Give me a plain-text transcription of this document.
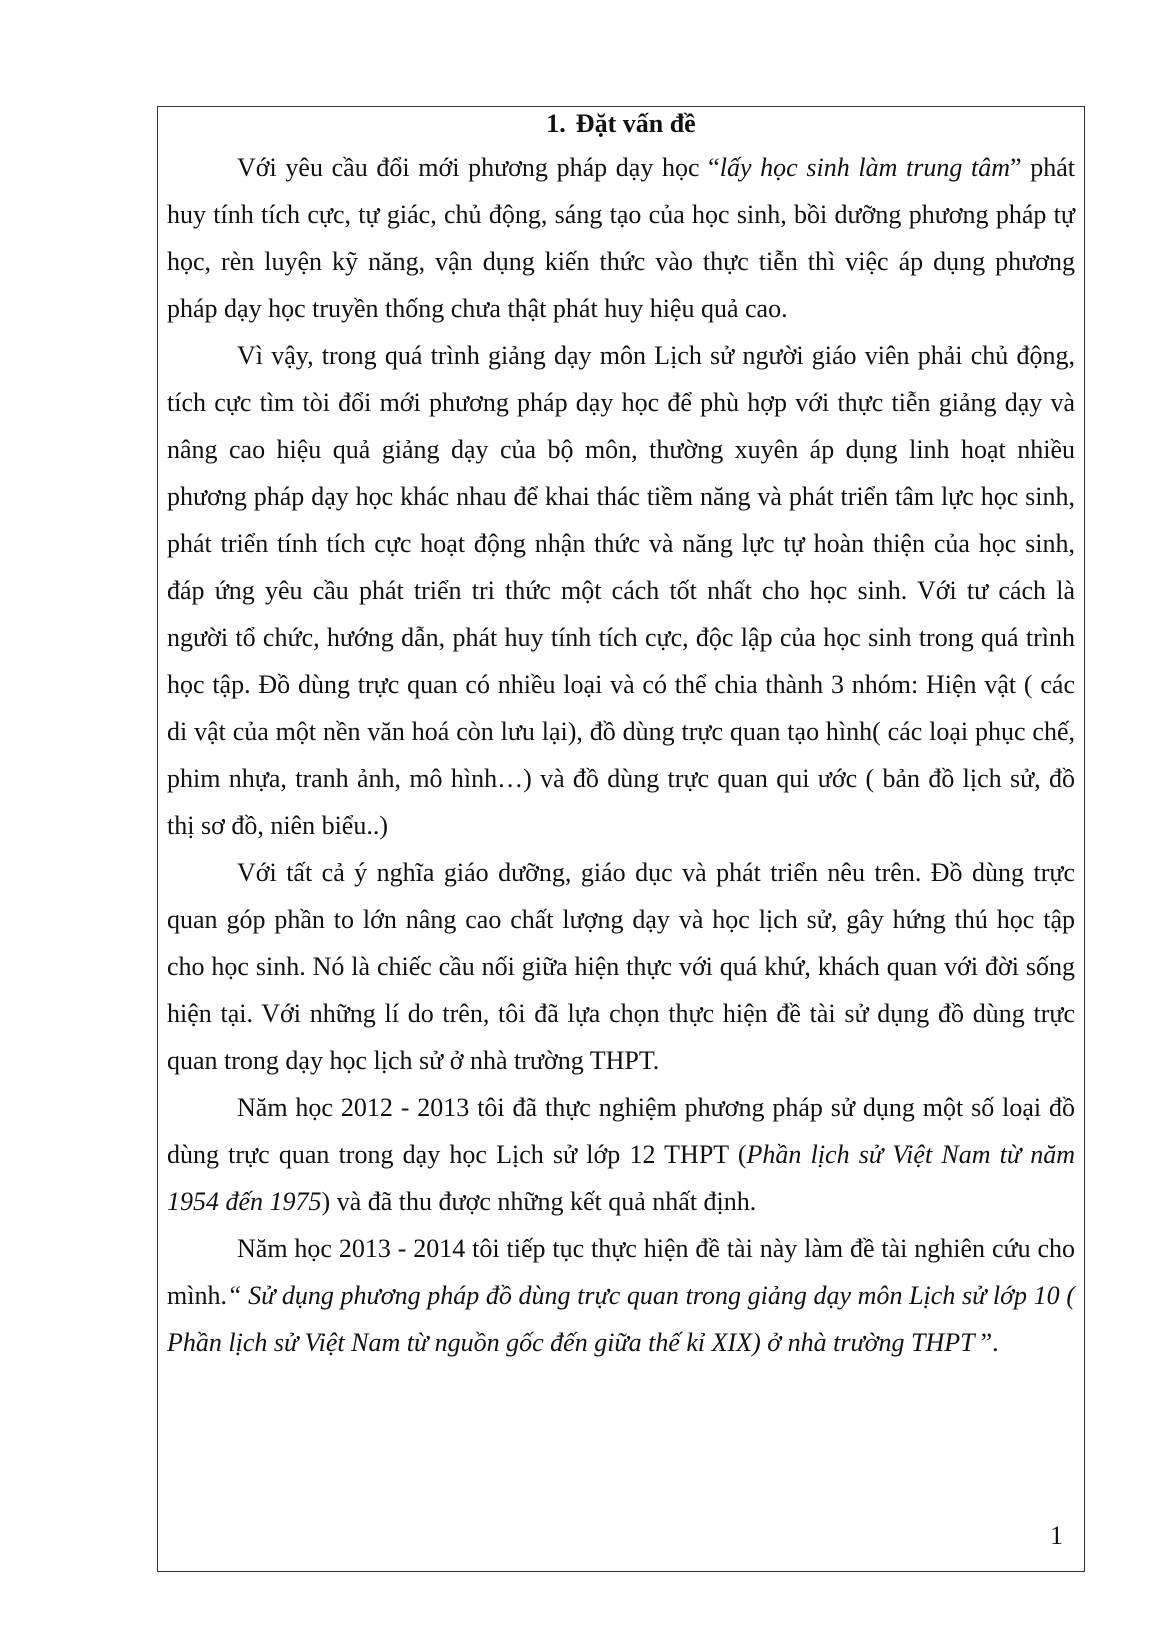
1. Đặt vấn đề

Với yêu cầu đổi mới phương pháp dạy học “lấy học sinh làm trung tâm” phát huy tính tích cực, tự giác, chủ động, sáng tạo của học sinh, bồi dưỡng phương pháp tự học, rèn luyện kỹ năng, vận dụng kiến thức vào thực tiễn thì việc áp dụng phương pháp dạy học truyền thống chưa thật phát huy hiệu quả cao.

Vì vậy, trong quá trình giảng dạy môn Lịch sử người giáo viên phải chủ động, tích cực tìm tòi đổi mới phương pháp dạy học để phù hợp với thực tiễn giảng dạy và nâng cao hiệu quả giảng dạy của bộ môn, thường xuyên áp dụng linh hoạt nhiều phương pháp dạy học khác nhau để khai thác tiềm năng và phát triển tâm lực học sinh, phát triển tính tích cực hoạt động nhận thức và năng lực tự hoàn thiện của học sinh, đáp ứng yêu cầu phát triển tri thức một cách tốt nhất cho học sinh. Với tư cách là người tổ chức, hướng dẫn, phát huy tính tích cực, độc lập của học sinh trong quá trình học tập. Đồ dùng trực quan có nhiều loại và có thể chia thành 3 nhóm: Hiện vật ( các di vật của một nền văn hoá còn lưu lại), đồ dùng trực quan tạo hình( các loại phục chế, phim nhựa, tranh ảnh, mô hình…) và đồ dùng trực quan qui ước ( bản đồ lịch sử, đồ thị sơ đồ, niên biểu..)

Với tất cả ý nghĩa giáo dưỡng, giáo dục và phát triển nêu trên. Đồ dùng trực quan góp phần to lớn nâng cao chất lượng dạy và học lịch sử, gây hứng thú học tập cho học sinh. Nó là chiếc cầu nối giữa hiện thực với quá khứ, khách quan với đời sống hiện tại. Với những lí do trên, tôi đã lựa chọn thực hiện đề tài sử dụng đồ dùng trực quan trong dạy học lịch sử ở nhà trường THPT.

Năm học 2012 - 2013 tôi đã thực nghiệm phương pháp sử dụng một số loại đồ dùng trực quan trong dạy học Lịch sử lớp 12 THPT (Phần lịch sử Việt Nam từ năm 1954 đến 1975) và đã thu được những kết quả nhất định.

Năm học 2013 - 2014 tôi tiếp tục thực hiện đề tài này làm đề tài nghiên cứu cho mình.“ Sử dụng phương pháp đồ dùng trực quan trong giảng dạy môn Lịch sử lớp 10 ( Phần lịch sử Việt Nam từ nguồn gốc đến giữa thế kỉ XIX) ở nhà trường THPT ”.

1
